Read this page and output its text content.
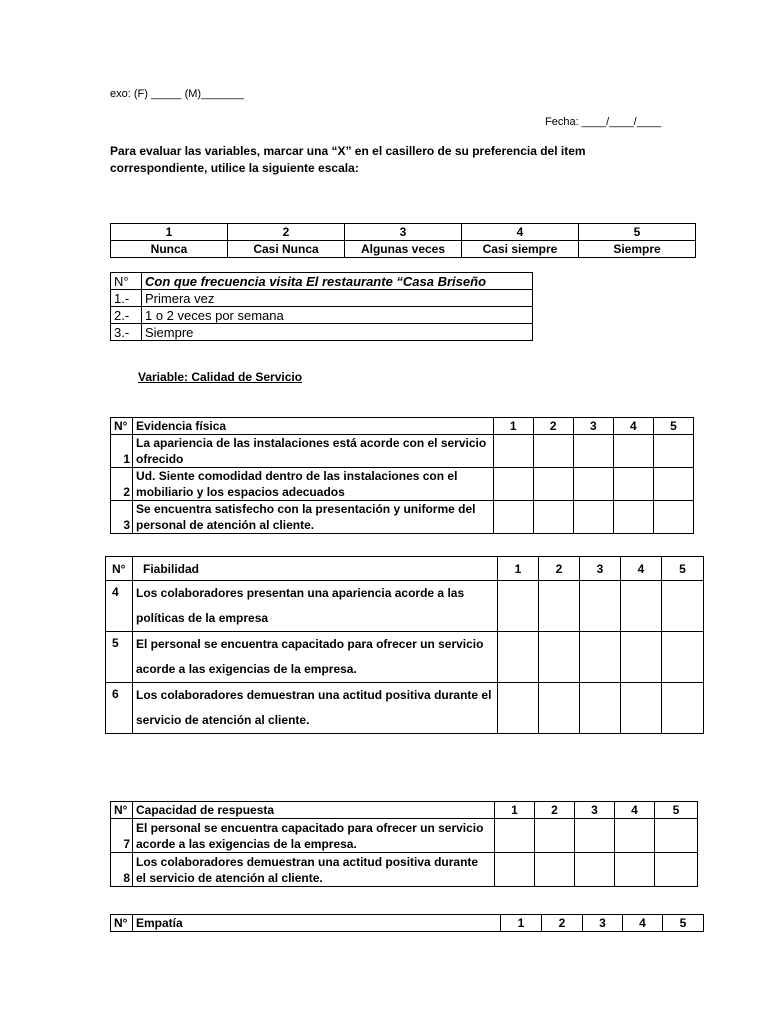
exo: (F) _____ (M)_______
Fecha: ____/____/____
Para evaluar las variables, marcar una “X” en el casillero de su preferencia del item correspondiente, utilice la siguiente escala:
1	2	3	4	5
Nunca	Casi Nunca	Algunas veces	Casi siempre	Siempre
N°	Con que frecuencia visita El restaurante “Casa Briseño
1.-	Primera vez
2.-	1 o 2 veces por semana
3.-	Siempre
Variable: Calidad de Servicio
N°	Evidencia física	1	2	3	4	5
1	La apariencia de las instalaciones está acorde con el servicio ofrecido					
2	Ud. Siente comodidad dentro de las instalaciones con el mobiliario y los espacios adecuados					
3	Se encuentra satisfecho con la presentación y uniforme del personal de atención al cliente.					
N°	Fiabilidad	1	2	3	4	5
4	Los colaboradores presentan una apariencia acorde a las políticas de la empresa					
5	El personal se encuentra capacitado para ofrecer un servicio acorde a las exigencias de la empresa.					
6	Los colaboradores demuestran una actitud positiva durante el servicio de atención al cliente.					
N°	Capacidad de respuesta	1	2	3	4	5
7	El personal se encuentra capacitado para ofrecer un servicio acorde a las exigencias de la empresa.					
8	Los colaboradores demuestran una actitud positiva durante el servicio de atención al cliente.					
N°	Empatía	1	2	3	4	5
